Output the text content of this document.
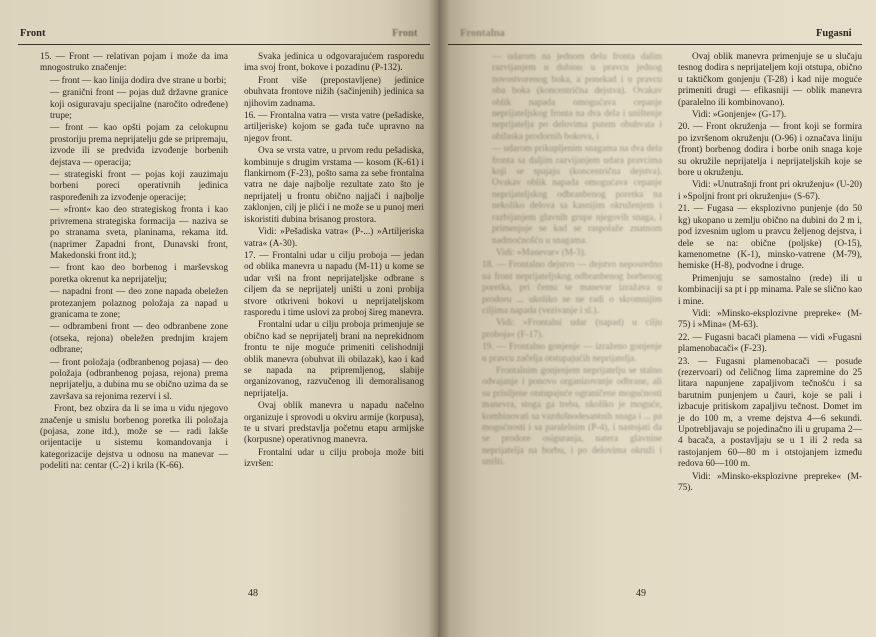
Front	Front

15. — Front — relativan pojam i može da ima mnogostruko značenje:

— front — kao linija dodira dve strane u borbi;

— granični front — pojas duž državne granice koji osiguravaju specijalne (naročito određene) trupe;

— front — kao opšti pojam za celokupnu prostoriju prema neprijatelju gde se pripremaju, izvode ili se predviđa izvođenje borbenih dejstava — operacija;

— strategiski front — pojas koji zauzimaju borbeni poreci operativnih jedinica raspoređenih za izvođenje operacije;

— »front« kao deo strategiskog fronta i kao privremena strategiska formacija — naziva se po stranama sveta, planinama, rekama itd. (naprimer Zapadni front, Dunavski front, Makedonski front itd.);

— front kao deo borbenog i marševskog poretka okrenut ka neprijatelju;

— napadni front — deo zone napada obeležen protezanjem polaznog položaja za napad u granicama te zone;

— odbrambeni front — deo odbranbene zone (otseka, rejona) obeležen prednjim krajem odbrane;

— front položaja (odbranbenog pojasa) — deo položaja (odbranbenog pojasa, rejona) prema neprijatelju, a dubina mu se obično uzima da se završava sa rejonima rezervi i sl.

Front, bez obzira da li se ima u vidu njegovo značenje u smislu borbenog poretka ili položaja (pojasa, zone itd.), može se — radi lakše orijentacije u sistemu komandovanja i kategorizacije dejstva u odnosu na manevar — podeliti na: centar (C-2) i krila (K-66).

Svaka jedinica u odgovarajućem rasporedu ima svoj front, bokove i pozadinu (P-132).

Front više (prepostavljene) jedinice obuhvata frontove nižih (sačinjenih) jedinica sa njihovim zadnama.

16. — Frontalna vatra — vrsta vatre (pešadiske, artiljeriske) kojom se gađa tuče upravno na njegov front.

Ova se vrsta vatre, u prvom redu pešadiska, kombinuje s drugim vrstama — kosom (K-61) i flankirnom (F-23), pošto sama za sebe frontalna vatra ne daje najbolje rezultate zato što je neprijatelj u frontu obično najjači i najbolje zaklonjen, cilj je plići i ne može se u punoj meri iskoristiti dubina brisanog prostora.

Vidi: »Pešadiska vatra« (P-...) »Artiljeriska vatra« (A-30).

17. — Frontalni udar u cilju proboja — jedan od oblika manevra u napadu (M-11) u kome se udar vrši na front neprijateljske odbrane s ciljem da se neprijatelj uništi u zoni probija stvore otkriveni bokovi u neprijateljskom rasporedu i time uslovi za proboj šireg manevra.

Frontalni udar u cilju proboja primenjuje se obično kad se neprijatelj brani na neprekidnom frontu te nije moguće primeniti celishodniji oblik manevra (obuhvat ili obilazak), kao i kad se napada na pripremljenog, slabije organizovanog, razvučenog ili demoralisanog neprijatelja.

Ovaj oblik manevra u napadu načelno organizuje i sprovodi u okviru armije (korpusa), te u stvari predstavlja početnu etapu armijske (korpusne) operativnog manevra.

Frontalni udar u cilju proboja može biti izvršen:

48
Frontalna	Fugasni

— udarom na jednom delu fronta dalim razvijanjem u dubinu u pravcu jednog novostvorenog boka, a ponekad i u pravcu oba boka (koncentrična dejstva). Ovakav oblik napada omogućava cepanje neprijateljskog fronta na dva dela i uništenje neprijatelja po delovima putem obuhvata i obilaska prodornih bokova, i

— udarom prikupljenim snagama na dva dela fronta sa daljim razvijanjem udara pravcima koji se spajaju (koncentrična dejstva). Ovakav oblik napada omogućava cepanje neprijateljskog odbranbenog poretka na nekoliko delova sa kasnijim okruženjem i razbijanjem glavnih grupe njegovih snaga, i primenjuje se kad se raspolaže znatnom nadmoćnošću u snagama.

Vidi: »Manevar« (M-3).

18. — Frontalno dejstvo — dejstvo neposredno na front neprijateljskog odbranbenog borbenog poretka, pri čemu se manevar izražava u prodoru ... ukoliko se ne radi o skromnijim ciljima napada (vezivanje i sl.).

Vidi: »Frontalni udar (napad) u cilju proboja« (F-17).

19. — Frontalno gonjenje — izraženo gonjenje u pravcu začelja otstupajućih neprijatelja.

Frontalnim gonjenjem neprijatelju se stalno odvajanje i ponovo organizovanje odbrane, ali su prisiljene otstupajuće ograničene mogućnosti manevra, stoga ga treba, ukoliko je moguće, kombinovati sa vazdušnodesantnih snaga i ... pa mogućnosti i sa paralelnim (P-4), i nastojati da se prodore osiguranja, natera glavnine neprijatelja na borbu, i po delovima okruži i uništi.

Ovaj oblik manevra primenjuje se u slučaju tesnog dodira s neprijateljem koji otstupa, obično u taktičkom gonjenju (T-28) i kad nije moguće primeniti drugi — efikasniji — oblik manevra (paralelno ili kombinovano).

Vidi: »Gonjenje« (G-17).

20. — Front okruženja — front koji se formira po izvršenom okruženju (O-96) i označava liniju (front) borbenog dodira i borbe onih snaga koje su okružile neprijatelja i neprijateljskih koje se bore u okruženju.

Vidi: »Unutrašnji front pri okruženju« (U-20) i »Spoljni front pri okruženju« (S-67).

21. — Fugasa — eksplozivno punjenje (do 50 kg) ukopano u zemlju obično na dubini do 2 m i, pod izvesnim uglom u pravcu željenog dejstva, i dele se na: obične (poljske) (O-15), kamenometne (K-1), minsko-vatrene (M-79), hemiske (H-8), podvodne i druge.

Primenjuju se samostalno (rede) ili u kombinaciji sa pt i pp minama. Pale se slično kao i mine.

Vidi: »Minsko-eksplozivne prepreke« (M-75) i »Mina« (M-63).

22. — Fugasni bacači plamena — vidi »Fugasni plamenobacači« (F-23).

23. — Fugasni plamenobacači — posude (rezervoari) od čeličnog lima zapremine do 25 litara napunjene zapaljivom tečnošću i sa barutnim punjenjem u čauri, koje se pali i izbacuje pritiskom zapaljivu tečnost. Domet im je do 100 m, a vreme dejstva 4—6 sekundi. Upotrebljavaju se pojedinačno ili u grupama 2—4 bacača, a postavljaju se u 1 ili 2 reda sa rastojanjem 60—80 m i otstojanjem između redova 60—100 m.

Vidi: »Minsko-eksplozivne prepreke« (M-75).

49
